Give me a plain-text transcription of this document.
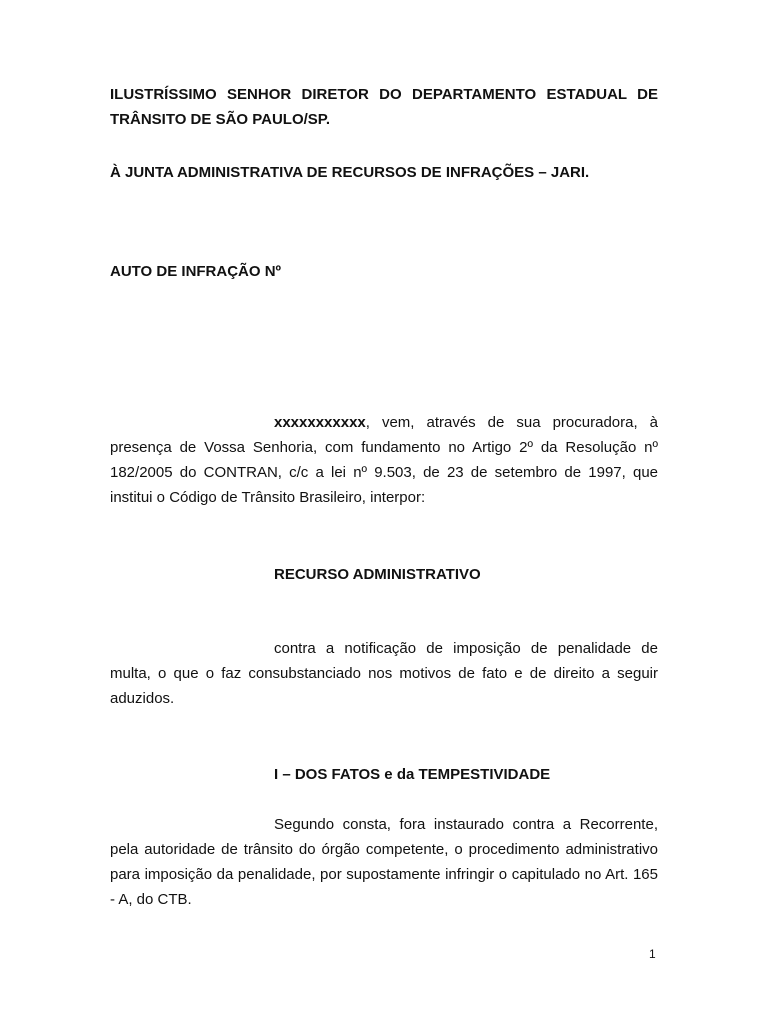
ILUSTRÍSSIMO SENHOR DIRETOR DO DEPARTAMENTO ESTADUAL DE TRÂNSITO DE SÃO PAULO/SP.

À JUNTA ADMINISTRATIVA DE RECURSOS DE INFRAÇÕES – JARI.

AUTO DE INFRAÇÃO Nº

xxxxxxxxxxx, vem, através de sua procuradora, à presença de Vossa Senhoria, com fundamento no Artigo 2º da Resolução nº 182/2005 do CONTRAN, c/c a lei nº 9.503, de 23 de setembro de 1997, que institui o Código de Trânsito Brasileiro, interpor:

RECURSO ADMINISTRATIVO

contra a notificação de imposição de penalidade de multa, o que o faz consubstanciado nos motivos de fato e de direito a seguir aduzidos.

I – DOS FATOS e da TEMPESTIVIDADE

Segundo consta, fora instaurado contra a Recorrente, pela autoridade de trânsito do órgão competente, o procedimento administrativo para imposição da penalidade, por supostamente infringir o capitulado no Art. 165 - A, do CTB.

1
